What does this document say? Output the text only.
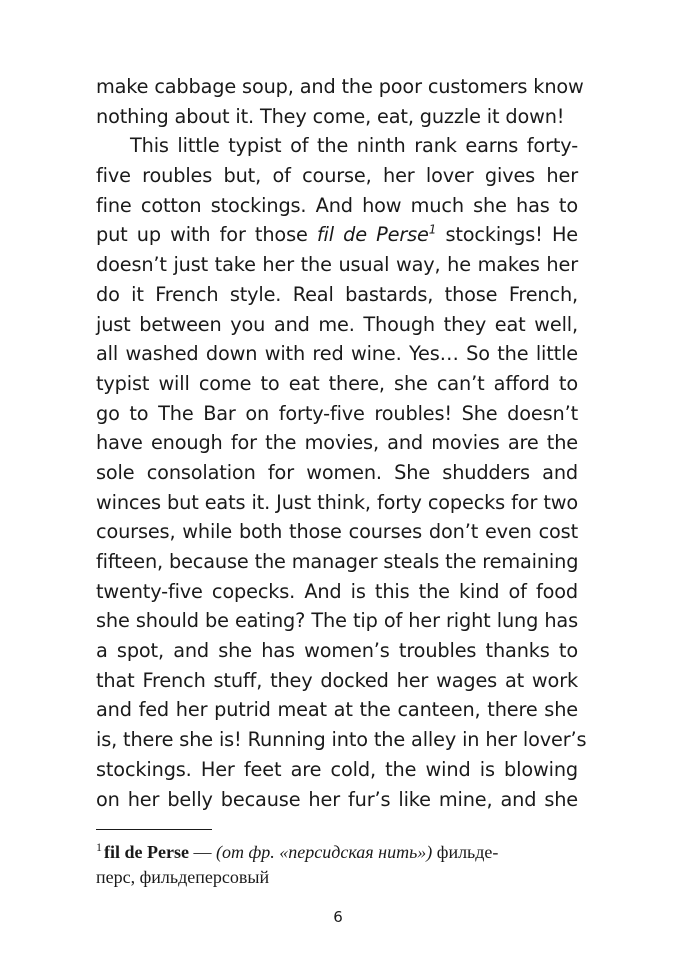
make cabbage soup, and the poor customers know
nothing about it. They come, eat, guzzle it down!
This little typist of the ninth rank earns forty-
five roubles but, of course, her lover gives her
fine cotton stockings. And how much she has to
put up with for those fil de Perse$^1$ stockings! He
doesn’t just take her the usual way, he makes her
do it French style. Real bastards, those French,
just between you and me. Though they eat well,
all washed down with red wine. Yes… So the little
typist will come to eat there, she can’t afford to
go to The Bar on forty-five roubles! She doesn’t
have enough for the movies, and movies are the
sole consolation for women. She shudders and
winces but eats it. Just think, forty copecks for two
courses, while both those courses don’t even cost
fifteen, because the manager steals the remaining
twenty-five copecks. And is this the kind of food
she should be eating? The tip of her right lung has
a spot, and she has women’s troubles thanks to
that French stuff, they docked her wages at work
and fed her putrid meat at the canteen, there she
is, there she is! Running into the alley in her lover’s
stockings. Her feet are cold, the wind is blowing
on her belly because her fur’s like mine, and she
$^1$ fil de Perse — (от фр. «персидская нить») фильде-
перс, фильдеперсовый
6
